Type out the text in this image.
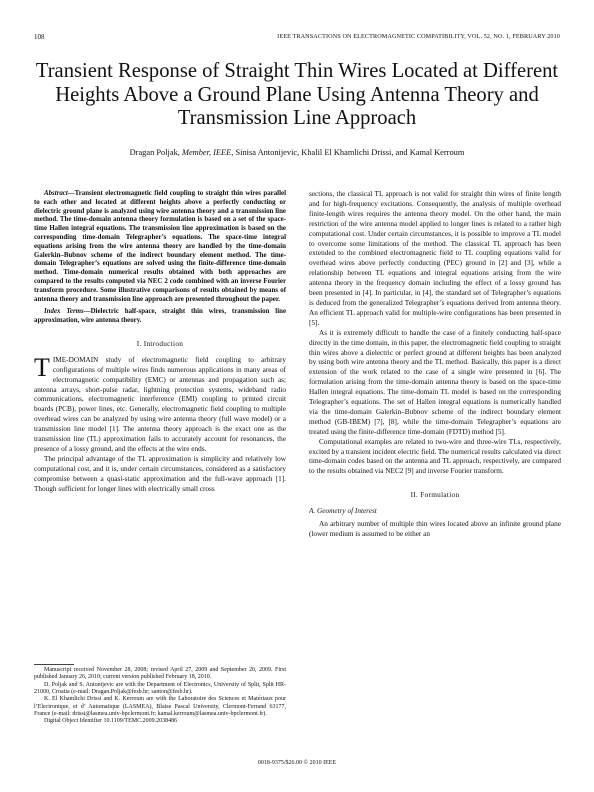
108	IEEE TRANSACTIONS ON ELECTROMAGNETIC COMPATIBILITY, VOL. 52, NO. 1, FEBRUARY 2010
Transient Response of Straight Thin Wires Located at Different Heights Above a Ground Plane Using Antenna Theory and Transmission Line Approach
Dragan Poljak, Member, IEEE, Sinisa Antonijevic, Khalil El Khamlichi Drissi, and Kamal Kerroum

Abstract—Transient electromagnetic field coupling to straight thin wires parallel to each other and located at different heights above a perfectly conducting or dielectric ground plane is analyzed using wire antenna theory and a transmission line method. The time-domain antenna theory formulation is based on a set of the space-time Hallen integral equations. The transmission line approximation is based on the corresponding time-domain Telegrapher’s equations. The space-time integral equations arising from the wire antenna theory are handled by the time-domain Galerkin–Bubnov scheme of the indirect boundary element method. The time-domain Telegrapher’s equations are solved using the finite-difference time-domain method. Time-domain numerical results obtained with both approaches are compared to the results computed via NEC 2 code combined with an inverse Fourier transform procedure. Some illustrative comparisons of results obtained by means of antenna theory and transmission line approach are presented throughout the paper.

Index Terms—Dielectric half-space, straight thin wires, transmission line approximation, wire antenna theory.

I. Introduction

TIME-DOMAIN study of electromagnetic field coupling to arbitrary configurations of multiple wires finds numerous applications in many areas of electromagnetic compatibility (EMC) or antennas and propagation such as; antenna arrays, short-pulse radar, lightning protection systems, wideband radio communications, electromagnetic interference (EMI) coupling to printed circuit boards (PCB), power lines, etc. Generally, electromagnetic field coupling to multiple overhead wires can be analyzed by using wire antenna theory (full wave model) or a transmission line model [1]. The antenna theory approach is the exact one as the transmission line (TL) approximation fails to accurately account for resonances, the presence of a lossy ground, and the effects at the wire ends.

The principal advantage of the TL approximation is simplicity and relatively low computational cost, and it is, under certain circumstances, considered as a satisfactory compromise between a quasi-static approximation and the full-wave approach [1]. Though sufficient for longer lines with electrically small cross

Manuscript received November 28, 2008; revised April 27, 2009 and September 20, 2009. First published January 26, 2010; current version published February 18, 2010.

D. Poljak and S. Antonijevic are with the Department of Electronics, University of Split, Split HR-21000, Croatia (e-mail: Dragan.Poljak@fesb.hr; santon@fesb.hr).

K. El Khamlichi Drissi and K. Kerroum are with the Laboratoire des Sciences et Matériaux pour l’Electronique, et d’ Automatique (LASMEA), Blaise Pascal University, Clermont-Ferrand 63177, France (e-mail: drissi@lasmea.univ-bpclermont.fr; kamal.kerroum@lasmea.univ-bpclermont.fr).

Digital Object Identifier 10.1109/TEMC.2009.2038486

sections, the classical TL approach is not valid for straight thin wires of finite length and for high-frequency excitations. Consequently, the analysis of multiple overhead finite-length wires requires the antenna theory model. On the other hand, the main restriction of the wire antenna model applied to longer lines is related to a rather high computational cost. Under certain circumstances, it is possible to improve a TL model to overcome some limitations of the method. The classical TL approach has been extended to the combined electromagnetic field to TL coupling equations valid for overhead wires above perfectly conducting (PEC) ground in [2] and [3], while a relationship between TL equations and integral equations arising from the wire antenna theory in the frequency domain including the effect of a lossy ground has been presented in [4]. In particular, in [4], the standard set of Telegrapher’s equations is deduced from the generalized Telegrapher’s equations derived from antenna theory. An efficient TL approach valid for multiple-wire configurations has been presented in [5].

As it is extremely difficult to handle the case of a finitely conducting half-space directly in the time domain, in this paper, the electromagnetic field coupling to straight thin wires above a dielectric or perfect ground at different heights has been analyzed by using both wire antenna theory and the TL method. Basically, this paper is a direct extension of the work related to the case of a single wire presented in [6]. The formulation arising from the time-domain antenna theory is based on the space-time Hallen integral equations. The time-domain TL model is based on the corresponding Telegrapher’s equations. The set of Hallen integral equations is numerically handled via the time-domain Galerkin–Bubnov scheme of the indirect boundary element method (GB-IBEM) [7], [8], while the time-domain Telegrapher’s equations are treated using the finite-difference time-domain (FDTD) method [5].

Computational examples are related to two-wire and three-wire TLs, respectively, excited by a transient incident electric field. The numerical results calculated via direct time-domain codes based on the antenna and TL approach, respectively, are compared to the results obtained via NEC2 [9] and inverse Fourier transform.

II. Formulation

A. Geometry of Interest

An arbitrary number of multiple thin wires located above an infinite ground plane (lower medium is assumed to be either an

0018-9375/$26.00 © 2010 IEEE
